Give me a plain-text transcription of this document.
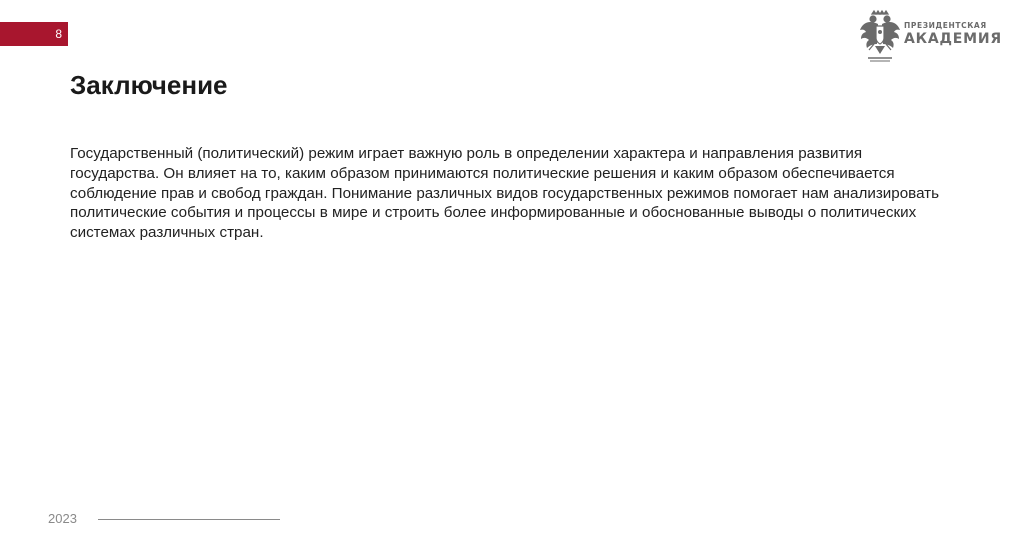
8
ПРЕЗИДЕНТСКАЯ
АКАДЕМИЯ
Заключение

Государственный (политический) режим играет важную роль в определении характера и направления развития государства. Он влияет на то, каким образом принимаются политические решения и каким образом обеспечивается соблюдение прав и свобод граждан. Понимание различных видов государственных режимов помогает нам анализировать политические события и процессы в мире и строить более информированные и обоснованные выводы о политических системах различных стран.

2023
